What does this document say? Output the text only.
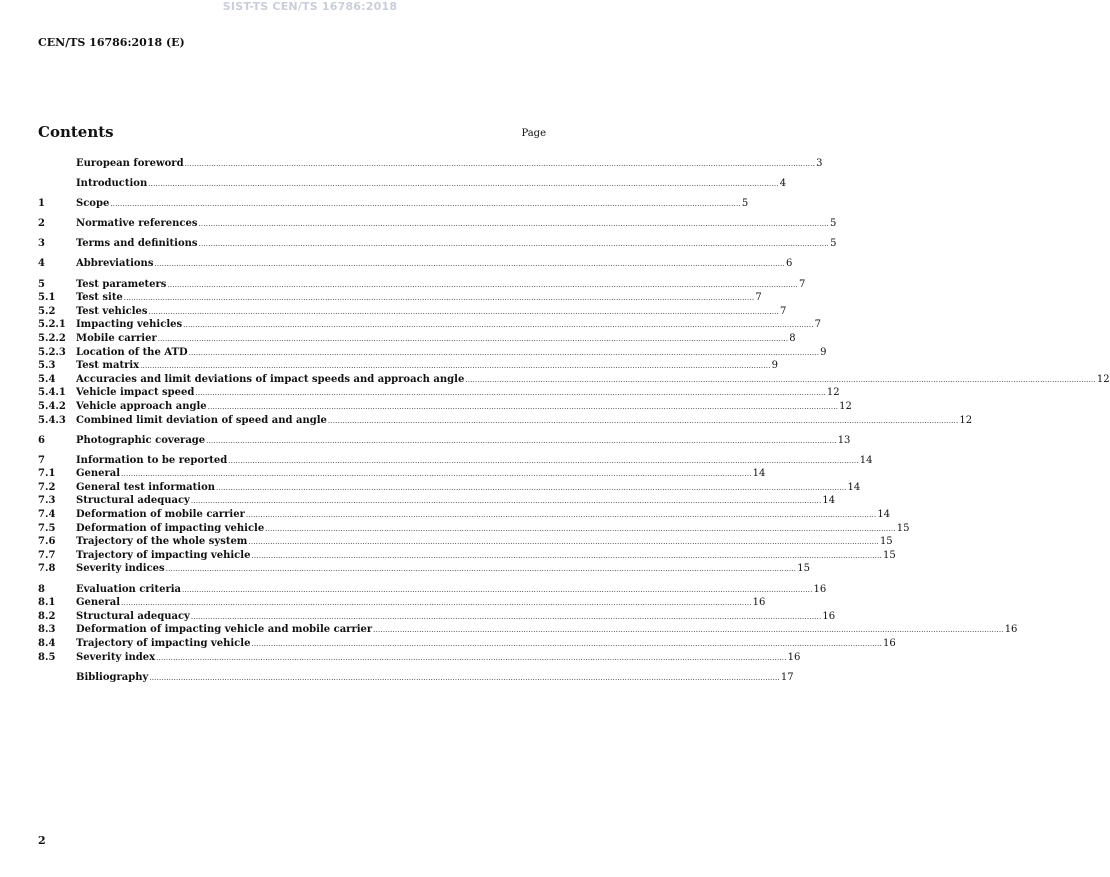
SIST-TS CEN/TS 16786:2018
CEN/TS 16786:2018 (E)
Contents	Page
European foreword .................................................................................................................................................................................................................................................................... 3
Introduction .................................................................................................................................................................................................................................................................... 4
1	Scope .................................................................................................................................................................................................................................................................... 5
2	Normative references .................................................................................................................................................................................................................................................................... 5
3	Terms and definitions .................................................................................................................................................................................................................................................................... 5
4	Abbreviations .................................................................................................................................................................................................................................................................... 6
5	Test parameters .................................................................................................................................................................................................................................................................... 7
5.1	Test site .................................................................................................................................................................................................................................................................... 7
5.2	Test vehicles .................................................................................................................................................................................................................................................................... 7
5.2.1	Impacting vehicles .................................................................................................................................................................................................................................................................... 7
5.2.2	Mobile carrier .................................................................................................................................................................................................................................................................... 8
5.2.3	Location of the ATD .................................................................................................................................................................................................................................................................... 9
5.3	Test matrix .................................................................................................................................................................................................................................................................... 9
5.4	Accuracies and limit deviations of impact speeds and approach angle .................................................................................................................................................................................................................................................................... 12
5.4.1	Vehicle impact speed .................................................................................................................................................................................................................................................................... 12
5.4.2	Vehicle approach angle .................................................................................................................................................................................................................................................................... 12
5.4.3	Combined limit deviation of speed and angle .................................................................................................................................................................................................................................................................... 12
6	Photographic coverage .................................................................................................................................................................................................................................................................... 13
7	Information to be reported .................................................................................................................................................................................................................................................................... 14
7.1	General .................................................................................................................................................................................................................................................................... 14
7.2	General test information .................................................................................................................................................................................................................................................................... 14
7.3	Structural adequacy .................................................................................................................................................................................................................................................................... 14
7.4	Deformation of mobile carrier .................................................................................................................................................................................................................................................................... 14
7.5	Deformation of impacting vehicle .................................................................................................................................................................................................................................................................... 15
7.6	Trajectory of the whole system .................................................................................................................................................................................................................................................................... 15
7.7	Trajectory of impacting vehicle .................................................................................................................................................................................................................................................................... 15
7.8	Severity indices .................................................................................................................................................................................................................................................................... 15
8	Evaluation criteria .................................................................................................................................................................................................................................................................... 16
8.1	General .................................................................................................................................................................................................................................................................... 16
8.2	Structural adequacy .................................................................................................................................................................................................................................................................... 16
8.3	Deformation of impacting vehicle and mobile carrier .................................................................................................................................................................................................................................................................... 16
8.4	Trajectory of impacting vehicle .................................................................................................................................................................................................................................................................... 16
8.5	Severity index .................................................................................................................................................................................................................................................................... 16
Bibliography .................................................................................................................................................................................................................................................................... 17
2
